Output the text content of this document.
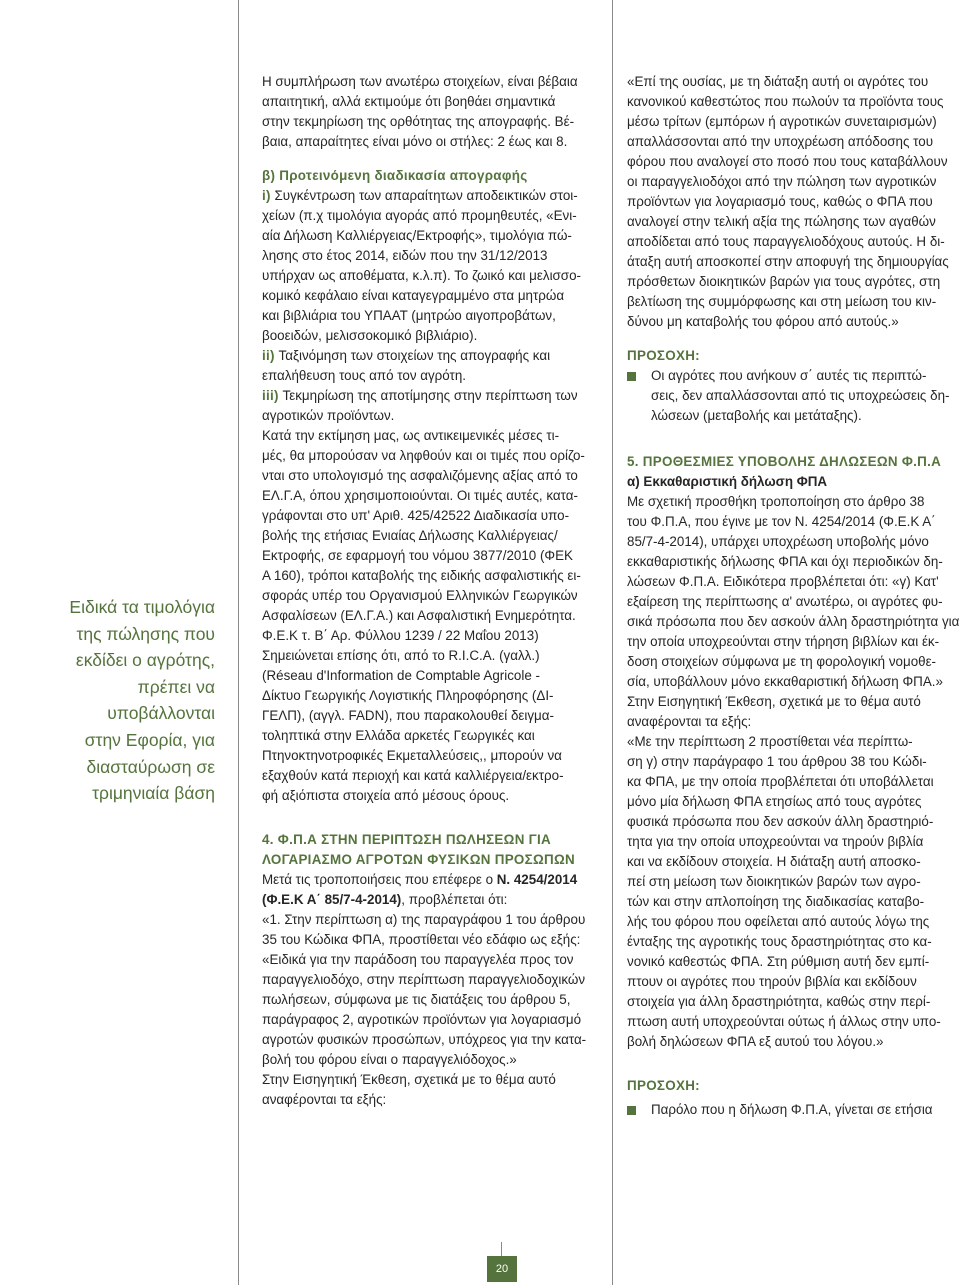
Ειδικά τα τιμολόγια
της πώλησης που
εκδίδει ο αγρότης,
πρέπει να
υποβάλλονται
στην Εφορία, για
διασταύρωση σε
τριμηνιαία βάση
Η συμπλήρωση των ανωτέρω στοιχείων, είναι βέβαια
απαιτητική, αλλά εκτιμούμε ότι βοηθάει σημαντικά
στην τεκμηρίωση της ορθότητας της απογραφής. Βέ-
βαια, απαραίτητες είναι μόνο οι στήλες: 2 έως και 8.
β) Προτεινόμενη διαδικασία απογραφής
i) Συγκέντρωση των απαραίτητων αποδεικτικών στοι-
χείων (π.χ τιμολόγια αγοράς από προμηθευτές, «Ενι-
αία Δήλωση Καλλιέργειας/Εκτροφής», τιμολόγια πώ-
λησης στο έτος 2014, ειδών που την 31/12/2013
υπήρχαν ως αποθέματα, κ.λ.π). Το ζωικό και μελισσο-
κομικό κεφάλαιο είναι καταγεγραμμένο στα μητρώα
και βιβλιάρια του ΥΠΑΑΤ (μητρώο αιγοπροβάτων,
βοοειδών, μελισσοκομικό βιβλιάριο).
ii) Ταξινόμηση των στοιχείων της απογραφής και
επαλήθευση τους από τον αγρότη.
iii) Τεκμηρίωση της αποτίμησης στην περίπτωση των
αγροτικών προϊόντων.
Κατά την εκτίμηση μας, ως αντικειμενικές μέσες τι-
μές, θα μπορούσαν να ληφθούν και οι τιμές που ορίζο-
νται στο υπολογισμό της ασφαλιζόμενης αξίας από το
ΕΛ.Γ.Α, όπου χρησιμοποιούνται. Οι τιμές αυτές, κατα-
γράφονται στο υπ' Αριθ. 425/42522 Διαδικασία υπο-
βολής της ετήσιας Ενιαίας Δήλωσης Καλλιέργειας/
Εκτροφής, σε εφαρμογή του νόμου 3877/2010 (ΦΕΚ
Α 160), τρόποι καταβολής της ειδικής ασφαλιστικής ει-
σφοράς υπέρ του Οργανισμού Ελληνικών Γεωργικών
Ασφαλίσεων (ΕΛ.Γ.Α.) και Ασφαλιστική Ενημερότητα.
Φ.Ε.Κ τ. Β΄ Αρ. Φύλλου 1239 / 22 Μαΐου 2013)
Σημειώνεται επίσης ότι, από το R.I.C.A. (γαλλ.)
(Réseau d'Information de Comptable Agricole -
Δίκτυο Γεωργικής Λογιστικής Πληροφόρησης (ΔΙ-
ΓΕΛΠ), (αγγλ. FADN), που παρακολουθεί δειγμα-
τοληπτικά στην Ελλάδα αρκετές Γεωργικές και
Πτηνοκτηνοτροφικές Εκμεταλλεύσεις,, μπορούν να
εξαχθούν κατά περιοχή και κατά καλλιέργεια/εκτρο-
φή αξιόπιστα στοιχεία από μέσους όρους.
4. Φ.Π.Α ΣΤΗΝ ΠΕΡΙΠΤΩΣΗ ΠΩΛΗΣΕΩΝ ΓΙΑ
ΛΟΓΑΡΙΑΣΜΟ ΑΓΡΟΤΩΝ ΦΥΣΙΚΩΝ ΠΡΟΣΩΠΩΝ
Μετά τις τροποποιήσεις που επέφερε ο Ν. 4254/2014
(Φ.Ε.Κ Α΄ 85/7-4-2014), προβλέπεται ότι:
«1. Στην περίπτωση α) της παραγράφου 1 του άρθρου
35 του Κώδικα ΦΠΑ, προστίθεται νέο εδάφιο ως εξής:
«Ειδικά για την παράδοση του παραγγελέα προς τον
παραγγελιοδόχο, στην περίπτωση παραγγελιοδοχικών
πωλήσεων, σύμφωνα με τις διατάξεις του άρθρου 5,
παράγραφος 2, αγροτικών προϊόντων για λογαριασμό
αγροτών φυσικών προσώπων, υπόχρεος για την κατα-
βολή του φόρου είναι ο παραγγελιόδοχος.»
Στην Εισηγητική Έκθεση, σχετικά με το θέμα αυτό
αναφέρονται τα εξής:
«Επί της ουσίας, με τη διάταξη αυτή οι αγρότες του
κανονικού καθεστώτος που πωλούν τα προϊόντα τους
μέσω τρίτων (εμπόρων ή αγροτικών συνεταιρισμών)
απαλλάσσονται από την υποχρέωση απόδοσης του
φόρου που αναλογεί στο ποσό που τους καταβάλλουν
οι παραγγελιοδόχοι από την πώληση των αγροτικών
προϊόντων για λογαριασμό τους, καθώς ο ΦΠΑ που
αναλογεί στην τελική αξία της πώλησης των αγαθών
αποδίδεται από τους παραγγελιοδόχους αυτούς. Η δι-
άταξη αυτή αποσκοπεί στην αποφυγή της δημιουργίας
πρόσθετων διοικητικών βαρών για τους αγρότες, στη
βελτίωση της συμμόρφωσης και στη μείωση του κιν-
δύνου μη καταβολής του φόρου από αυτούς.»
ΠΡΟΣΟΧΗ:
Οι αγρότες που ανήκουν σ΄ αυτές τις περιπτώ-
σεις, δεν απαλλάσσονται από τις υποχρεώσεις δη-
λώσεων (μεταβολής και μετάταξης).
5. ΠΡΟΘΕΣΜΙΕΣ ΥΠΟΒΟΛΗΣ ΔΗΛΩΣΕΩΝ Φ.Π.Α
α) Εκκαθαριστική δήλωση ΦΠΑ
Με σχετική προσθήκη τροποποίηση στο άρθρο 38
του Φ.Π.Α, που έγινε με τον Ν. 4254/2014 (Φ.Ε.Κ Α΄
85/7-4-2014), υπάρχει υποχρέωση υποβολής μόνο
εκκαθαριστικής δήλωσης ΦΠΑ και όχι περιοδικών δη-
λώσεων Φ.Π.Α. Ειδικότερα προβλέπεται ότι: «γ) Κατ'
εξαίρεση της περίπτωσης α' ανωτέρω, οι αγρότες φυ-
σικά πρόσωπα που δεν ασκούν άλλη δραστηριότητα για
την οποία υποχρεούνται στην τήρηση βιβλίων και έκ-
δοση στοιχείων σύμφωνα με τη φορολογική νομοθε-
σία, υποβάλλουν μόνο εκκαθαριστική δήλωση ΦΠΑ.»
Στην Εισηγητική Έκθεση, σχετικά με το θέμα αυτό
αναφέρονται τα εξής:
«Με την περίπτωση 2 προστίθεται νέα περίπτω-
ση γ) στην παράγραφο 1 του άρθρου 38 του Κώδι-
κα ΦΠΑ, με την οποία προβλέπεται ότι υποβάλλεται
μόνο μία δήλωση ΦΠΑ ετησίως από τους αγρότες
φυσικά πρόσωπα που δεν ασκούν άλλη δραστηριό-
τητα για την οποία υποχρεούνται να τηρούν βιβλία
και να εκδίδουν στοιχεία. Η διάταξη αυτή αποσκο-
πεί στη μείωση των διοικητικών βαρών των αγρο-
τών και στην απλοποίηση της διαδικασίας καταβο-
λής του φόρου που οφείλεται από αυτούς λόγω της
ένταξης της αγροτικής τους δραστηριότητας στο κα-
νονικό καθεστώς ΦΠΑ. Στη ρύθμιση αυτή δεν εμπί-
πτουν οι αγρότες που τηρούν βιβλία και εκδίδουν
στοιχεία για άλλη δραστηριότητα, καθώς στην περί-
πτωση αυτή υποχρεούνται ούτως ή άλλως στην υπο-
βολή δηλώσεων ΦΠΑ εξ αυτού του λόγου.»
ΠΡΟΣΟΧΗ:
Παρόλο που η δήλωση Φ.Π.Α, γίνεται σε ετήσια
20
